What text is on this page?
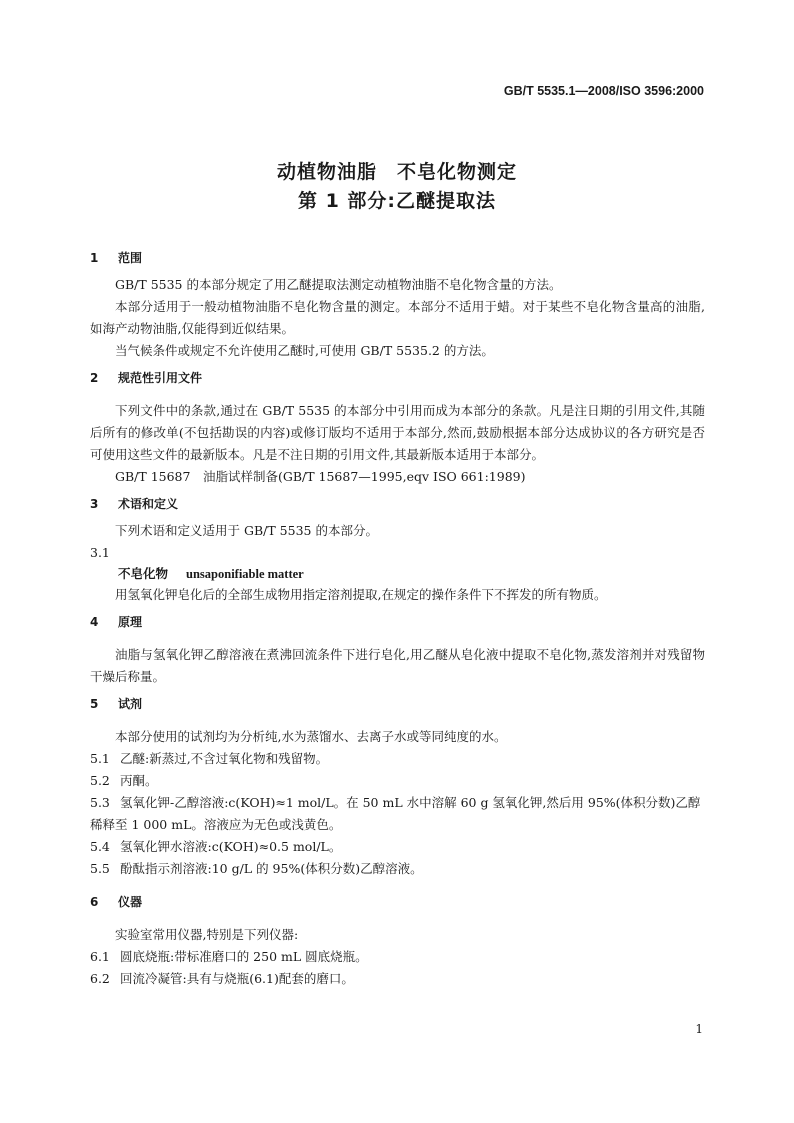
GB/T 5535.1—2008/ISO 3596:2000
动植物油脂　不皂化物测定
第 1 部分:乙醚提取法
1 范围

GB/T 5535 的本部分规定了用乙醚提取法测定动植物油脂不皂化物含量的方法。

本部分适用于一般动植物油脂不皂化物含量的测定。本部分不适用于蜡。对于某些不皂化物含量高的油脂,如海产动物油脂,仅能得到近似结果。

当气候条件或规定不允许使用乙醚时,可使用 GB/T 5535.2 的方法。

2 规范性引用文件

下列文件中的条款,通过在 GB/T 5535 的本部分中引用而成为本部分的条款。凡是注日期的引用文件,其随后所有的修改单(不包括勘误的内容)或修订版均不适用于本部分,然而,鼓励根据本部分达成协议的各方研究是否可使用这些文件的最新版本。凡是不注日期的引用文件,其最新版本适用于本部分。

GB/T 15687　油脂试样制备(GB/T 15687—1995,eqv ISO 661:1989)

3 术语和定义

下列术语和定义适用于 GB/T 5535 的本部分。

3.1

不皂化物 unsaponifiable matter

用氢氧化钾皂化后的全部生成物用指定溶剂提取,在规定的操作条件下不挥发的所有物质。

4 原理

油脂与氢氧化钾乙醇溶液在煮沸回流条件下进行皂化,用乙醚从皂化液中提取不皂化物,蒸发溶剂并对残留物干燥后称量。

5 试剂

本部分使用的试剂均为分析纯,水为蒸馏水、去离子水或等同纯度的水。

5.1 乙醚:新蒸过,不含过氧化物和残留物。

5.2 丙酮。

5.3 氢氧化钾-乙醇溶液:c(KOH)≈1 mol/L。在 50 mL 水中溶解 60 g 氢氧化钾,然后用 95%(体积分数)乙醇稀释至 1 000 mL。溶液应为无色或浅黄色。

5.4 氢氧化钾水溶液:c(KOH)≈0.5 mol/L。

5.5 酚酞指示剂溶液:10 g/L 的 95%(体积分数)乙醇溶液。

6 仪器

实验室常用仪器,特别是下列仪器:

6.1 圆底烧瓶:带标准磨口的 250 mL 圆底烧瓶。

6.2 回流冷凝管:具有与烧瓶(6.1)配套的磨口。

1
